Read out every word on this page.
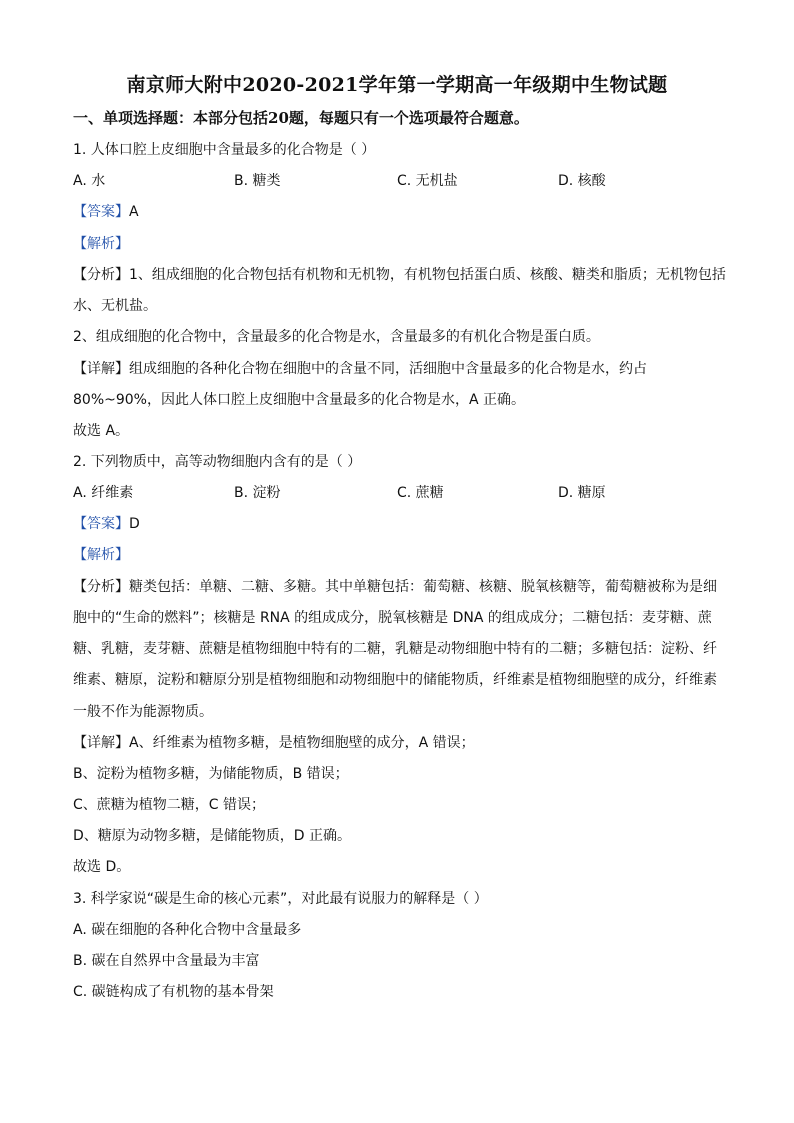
南京师大附中2020-2021学年第一学期高一年级期中生物试题
一、单项选择题：本部分包括20题，每题只有一个选项最符合题意。
1. 人体口腔上皮细胞中含量最多的化合物是（ ）
A. 水	B. 糖类	C. 无机盐	D. 核酸
【答案】A
【解析】
【分析】1、组成细胞的化合物包括有机物和无机物，有机物包括蛋白质、核酸、糖类和脂质；无机物包括
水、无机盐。
2、组成细胞的化合物中，含量最多的化合物是水，含量最多的有机化合物是蛋白质。
【详解】组成细胞的各种化合物在细胞中的含量不同，活细胞中含量最多的化合物是水，约占
80%~90%，因此人体口腔上皮细胞中含量最多的化合物是水，A 正确。
故选 A。
2. 下列物质中，高等动物细胞内含有的是（ ）
A. 纤维素	B. 淀粉	C. 蔗糖	D. 糖原
【答案】D
【解析】
【分析】糖类包括：单糖、二糖、多糖。其中单糖包括：葡萄糖、核糖、脱氧核糖等，葡萄糖被称为是细
胞中的“生命的燃料”；核糖是 RNA 的组成成分，脱氧核糖是 DNA 的组成成分；二糖包括：麦芽糖、蔗
糖、乳糖，麦芽糖、蔗糖是植物细胞中特有的二糖，乳糖是动物细胞中特有的二糖；多糖包括：淀粉、纤
维素、糖原，淀粉和糖原分别是植物细胞和动物细胞中的储能物质，纤维素是植物细胞壁的成分，纤维素
一般不作为能源物质。
【详解】A、纤维素为植物多糖，是植物细胞壁的成分，A 错误；
B、淀粉为植物多糖，为储能物质，B 错误；
C、蔗糖为植物二糖，C 错误；
D、糖原为动物多糖，是储能物质，D 正确。
故选 D。
3. 科学家说“碳是生命的核心元素”，对此最有说服力的解释是（ ）
A. 碳在细胞的各种化合物中含量最多
B. 碳在自然界中含量最为丰富
C. 碳链构成了有机物的基本骨架
